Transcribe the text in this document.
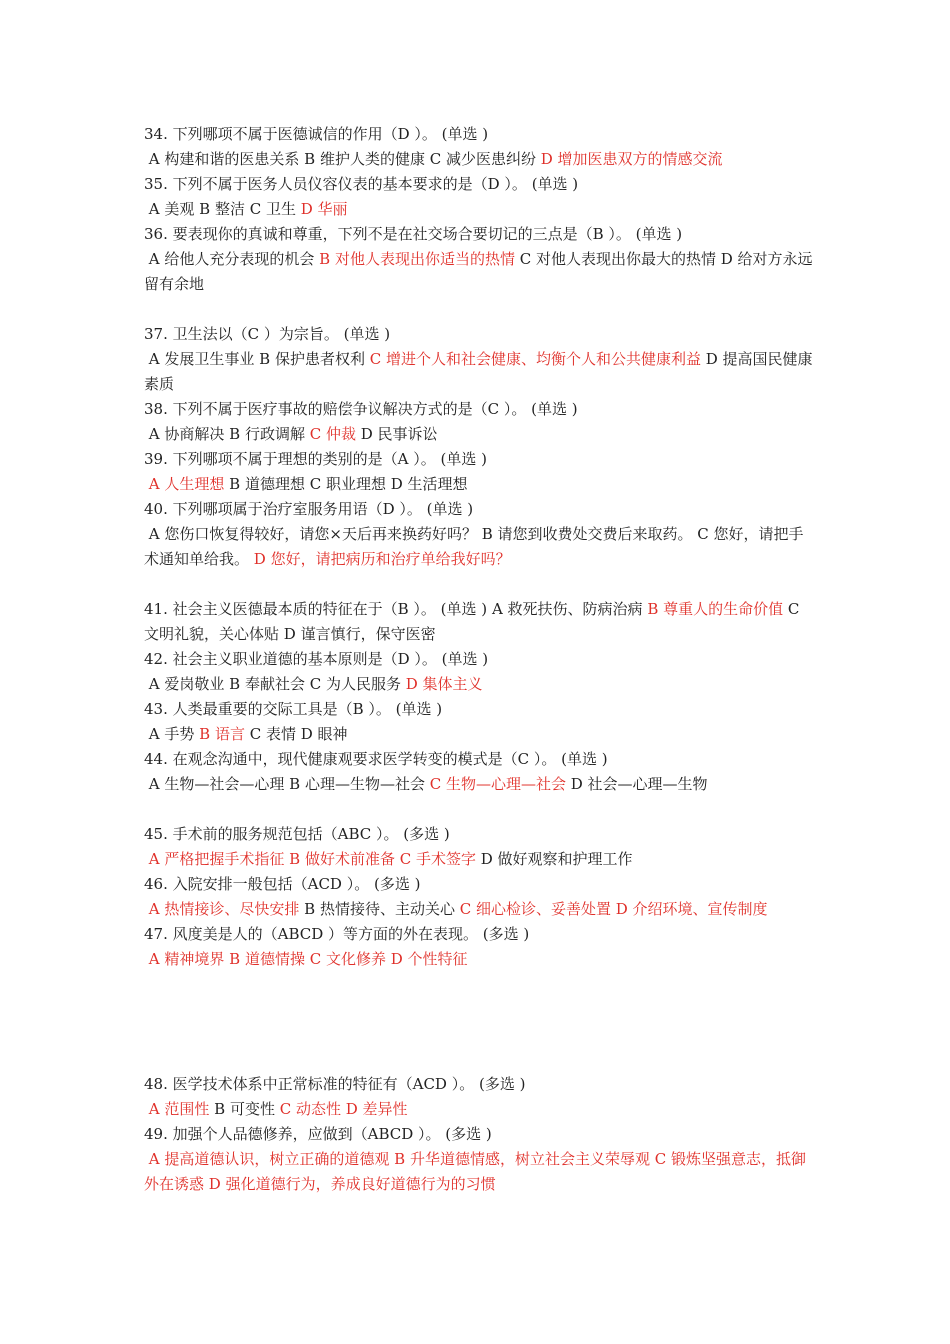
34. 下列哪项不属于医德诚信的作用（D ）。 (单选 )

A 构建和谐的医患关系 B 维护人类的健康 C 减少医患纠纷 D 增加医患双方的情感交流

35. 下列不属于医务人员仪容仪表的基本要求的是（D ）。 (单选 )

A 美观 B 整洁 C 卫生 D 华丽

36. 要表现你的真诚和尊重，下列不是在社交场合要切记的三点是（B ）。 (单选 )

A 给他人充分表现的机会 B 对他人表现出你适当的热情 C 对他人表现出你最大的热情 D 给对方永远留有余地

37. 卫生法以（C ）为宗旨。 (单选 )

A 发展卫生事业 B 保护患者权利 C 增进个人和社会健康、均衡个人和公共健康利益 D 提高国民健康素质

38. 下列不属于医疗事故的赔偿争议解决方式的是（C ）。 (单选 )

A 协商解决 B 行政调解 C 仲裁 D 民事诉讼

39. 下列哪项不属于理想的类别的是（A ）。 (单选 )

A 人生理想 B 道德理想 C 职业理想 D 生活理想

40. 下列哪项属于治疗室服务用语（D ）。 (单选 )

A 您伤口恢复得较好，请您×天后再来换药好吗？ B 请您到收费处交费后来取药。 C 您好，请把手术通知单给我。 D 您好，请把病历和治疗单给我好吗？

41. 社会主义医德最本质的特征在于（B ）。 (单选 ) A 救死扶伤、防病治病 B 尊重人的生命价值 C 文明礼貌，关心体贴 D 谨言慎行，保守医密

42. 社会主义职业道德的基本原则是（D ）。 (单选 )

A 爱岗敬业 B 奉献社会 C 为人民服务 D 集体主义

43. 人类最重要的交际工具是（B ）。 (单选 )

A 手势 B 语言 C 表情 D 眼神

44. 在观念沟通中，现代健康观要求医学转变的模式是（C ）。 (单选 )

A 生物—社会—心理 B 心理—生物—社会 C 生物—心理—社会 D 社会—心理—生物

45. 手术前的服务规范包括（ABC ）。 (多选 )

A 严格把握手术指征 B 做好术前准备 C 手术签字 D 做好观察和护理工作

46. 入院安排一般包括（ACD ）。 (多选 )

A 热情接诊、尽快安排 B 热情接待、主动关心 C 细心检诊、妥善处置 D 介绍环境、宣传制度

47. 风度美是人的（ABCD ）等方面的外在表现。 (多选 )

A 精神境界 B 道德情操 C 文化修养 D 个性特征

48. 医学技术体系中正常标准的特征有（ACD ）。 (多选 )

A 范围性 B 可变性 C 动态性 D 差异性

49. 加强个人品德修养，应做到（ABCD ）。 (多选 )

A 提高道德认识，树立正确的道德观 B 升华道德情感，树立社会主义荣辱观 C 锻炼坚强意志，抵御外在诱惑 D 强化道德行为，养成良好道德行为的习惯
